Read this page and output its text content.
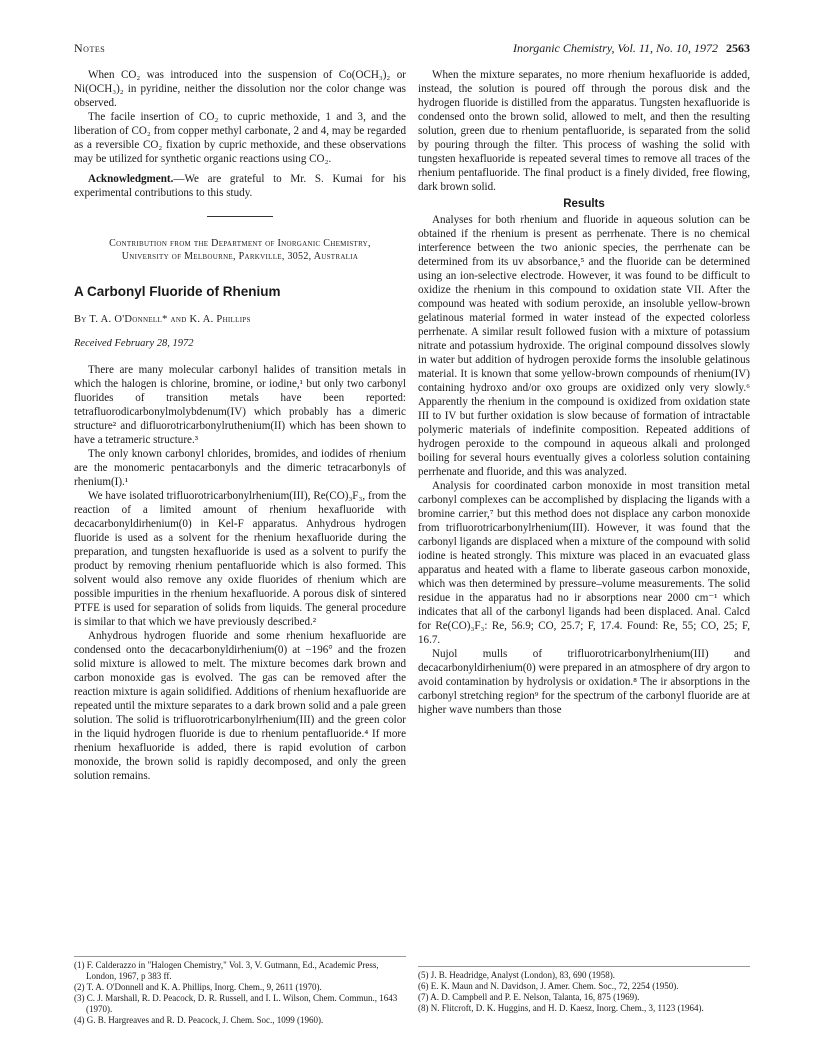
Notes	Inorganic Chemistry, Vol. 11, No. 10, 1972 2563

When CO₂ was introduced into the suspension of Co(OCH₃)₂ or Ni(OCH₃)₂ in pyridine, neither the dissolution nor the color change was observed.

The facile insertion of CO₂ to cupric methoxide, 1 and 3, and the liberation of CO₂ from copper methyl carbonate, 2 and 4, may be regarded as a reversible CO₂ fixation by cupric methoxide, and these observations may be utilized for synthetic organic reactions using CO₂.

Acknowledgment.—We are grateful to Mr. S. Kumai for his experimental contributions to this study.

Contribution from the Department of Inorganic Chemistry,
University of Melbourne, Parkville, 3052, Australia
A Carbonyl Fluoride of Rhenium
By T. A. O'Donnell* and K. A. Phillips
Received February 28, 1972

There are many molecular carbonyl halides of transition metals in which the halogen is chlorine, bromine, or iodine,¹ but only two carbonyl fluorides of transition metals have been reported: tetrafluorodicarbonylmolybdenum(IV) which probably has a dimeric structure² and difluorotricarbonylruthenium(II) which has been shown to have a tetrameric structure.³

The only known carbonyl chlorides, bromides, and iodides of rhenium are the monomeric pentacarbonyls and the dimeric tetracarbonyls of rhenium(I).¹

We have isolated trifluorotricarbonylrhenium(III), Re(CO)₃F₃, from the reaction of a limited amount of rhenium hexafluoride with decacarbonyldirhenium(0) in Kel-F apparatus. Anhydrous hydrogen fluoride is used as a solvent for the rhenium hexafluoride during the preparation, and tungsten hexafluoride is used as a solvent to purify the product by removing rhenium pentafluoride which is also formed. This solvent would also remove any oxide fluorides of rhenium which are possible impurities in the rhenium hexafluoride. A porous disk of sintered PTFE is used for separation of solids from liquids. The general procedure is similar to that which we have previously described.²

Anhydrous hydrogen fluoride and some rhenium hexafluoride are condensed onto the decacarbonyldirhenium(0) at −196° and the frozen solid mixture is allowed to melt. The mixture becomes dark brown and carbon monoxide gas is evolved. The gas can be removed after the reaction mixture is again solidified. Additions of rhenium hexafluoride are repeated until the mixture separates to a dark brown solid and a pale green solution. The solid is trifluorotricarbonylrhenium(III) and the green color in the liquid hydrogen fluoride is due to rhenium pentafluoride.⁴ If more rhenium hexafluoride is added, there is rapid evolution of carbon monoxide, the brown solid is rapidly decomposed, and only the green solution remains.

When the mixture separates, no more rhenium hexafluoride is added, instead, the solution is poured off through the porous disk and the hydrogen fluoride is distilled from the apparatus. Tungsten hexafluoride is condensed onto the brown solid, allowed to melt, and then the resulting solution, green due to rhenium pentafluoride, is separated from the solid by pouring through the filter. This process of washing the solid with tungsten hexafluoride is repeated several times to remove all traces of the rhenium pentafluoride. The final product is a finely divided, free flowing, dark brown solid.

Results

Analyses for both rhenium and fluoride in aqueous solution can be obtained if the rhenium is present as perrhenate. There is no chemical interference between the two anionic species, the perrhenate can be determined from its uv absorbance,⁵ and the fluoride can be determined using an ion-selective electrode. However, it was found to be difficult to oxidize the rhenium in this compound to oxidation state VII. After the compound was heated with sodium peroxide, an insoluble yellow-brown gelatinous material formed in water instead of the expected colorless perrhenate. A similar result followed fusion with a mixture of potassium nitrate and potassium hydroxide. The original compound dissolves slowly in water but addition of hydrogen peroxide forms the insoluble gelatinous material. It is known that some yellow-brown compounds of rhenium(IV) containing hydroxo and/or oxo groups are oxidized only very slowly.⁶ Apparently the rhenium in the compound is oxidized from oxidation state III to IV but further oxidation is slow because of formation of intractable polymeric materials of indefinite composition. Repeated additions of hydrogen peroxide to the compound in aqueous alkali and prolonged boiling for several hours eventually gives a colorless solution containing perrhenate and fluoride, and this was analyzed.

Analysis for coordinated carbon monoxide in most transition metal carbonyl complexes can be accomplished by displacing the ligands with a bromine carrier,⁷ but this method does not displace any carbon monoxide from trifluorotricarbonylrhenium(III). However, it was found that the carbonyl ligands are displaced when a mixture of the compound with solid iodine is heated strongly. This mixture was placed in an evacuated glass apparatus and heated with a flame to liberate gaseous carbon monoxide, which was then determined by pressure–volume measurements. The solid residue in the apparatus had no ir absorptions near 2000 cm⁻¹ which indicates that all of the carbonyl ligands had been displaced. Anal. Calcd for Re(CO)₃F₃: Re, 56.9; CO, 25.7; F, 17.4. Found: Re, 55; CO, 25; F, 16.7.

Nujol mulls of trifluorotricarbonylrhenium(III) and decacarbonyldirhenium(0) were prepared in an atmosphere of dry argon to avoid contamination by hydrolysis or oxidation.⁸ The ir absorptions in the carbonyl stretching region⁹ for the spectrum of the carbonyl fluoride are at higher wave numbers than those

(1) F. Calderazzo in "Halogen Chemistry," Vol. 3, V. Gutmann, Ed., Academic Press, London, 1967, p 383 ff.

(2) T. A. O'Donnell and K. A. Phillips, Inorg. Chem., 9, 2611 (1970).

(3) C. J. Marshall, R. D. Peacock, D. R. Russell, and I. L. Wilson, Chem. Commun., 1643 (1970).

(4) G. B. Hargreaves and R. D. Peacock, J. Chem. Soc., 1099 (1960).

(5) J. B. Headridge, Analyst (London), 83, 690 (1958).

(6) E. K. Maun and N. Davidson, J. Amer. Chem. Soc., 72, 2254 (1950).

(7) A. D. Campbell and P. E. Nelson, Talanta, 16, 875 (1969).

(8) N. Flitcroft, D. K. Huggins, and H. D. Kaesz, Inorg. Chem., 3, 1123 (1964).
